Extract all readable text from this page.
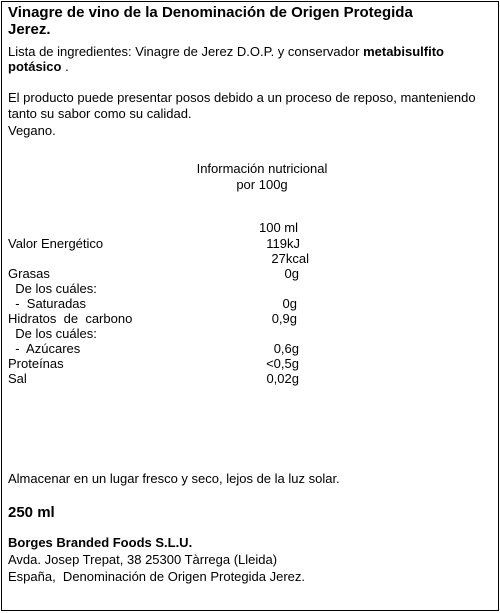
Vinagre de vino de la Denominación de Origen Protegida
Jerez.
Lista de ingredientes: Vinagre de Jerez D.O.P. y conservador metabisulfito
potásico .
El producto puede presentar posos debido a un proceso de reposo, manteniendo
tanto su sabor como su calidad.
Vegano.
Información nutricional
por 100g
100 ml
Valor Energético	119kJ
27kcal
Grasas	0g
De los cuáles:
-  Saturadas	0g
Hidratos  de  carbono	0,9g
De los cuáles:
-  Azúcares	0,6g
Proteínas	<0,5g
Sal	0,02g
Almacenar en un lugar fresco y seco, lejos de la luz solar.
250 ml
Borges Branded Foods S.L.U.
Avda. Josep Trepat, 38 25300 Tàrrega (Lleida)
España,  Denominación de Origen Protegida Jerez.
